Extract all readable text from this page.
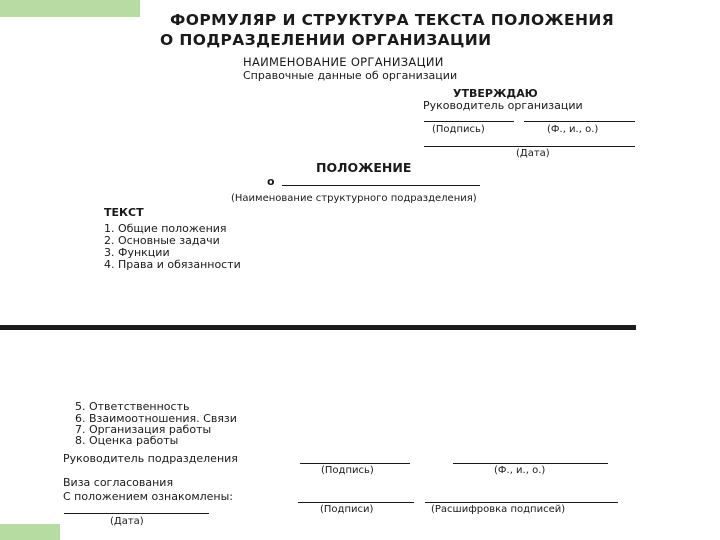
ФОРМУЛЯР И СТРУКТУРА ТЕКСТА ПОЛОЖЕНИЯ
О ПОДРАЗДЕЛЕНИИ ОРГАНИЗАЦИИ
НАИМЕНОВАНИЕ ОРГАНИЗАЦИИ
Справочные данные об организации
УТВЕРЖДАЮ
Руководитель организации
(Подпись)	(Ф., и., о.)
(Дата)
ПОЛОЖЕНИЕ
о
(Наименование структурного подразделения)
ТЕКСТ
1. Общие положения
2. Основные задачи
3. Функции
4. Права и обязанности
5. Ответственность
6. Взаимоотношения. Связи
7. Организация работы
8. Оценка работы
Руководитель подразделения
(Подпись)	(Ф., и., о.)
Виза согласования
С положением ознакомлены:
(Подписи)	(Расшифровка подписей)
(Дата)
